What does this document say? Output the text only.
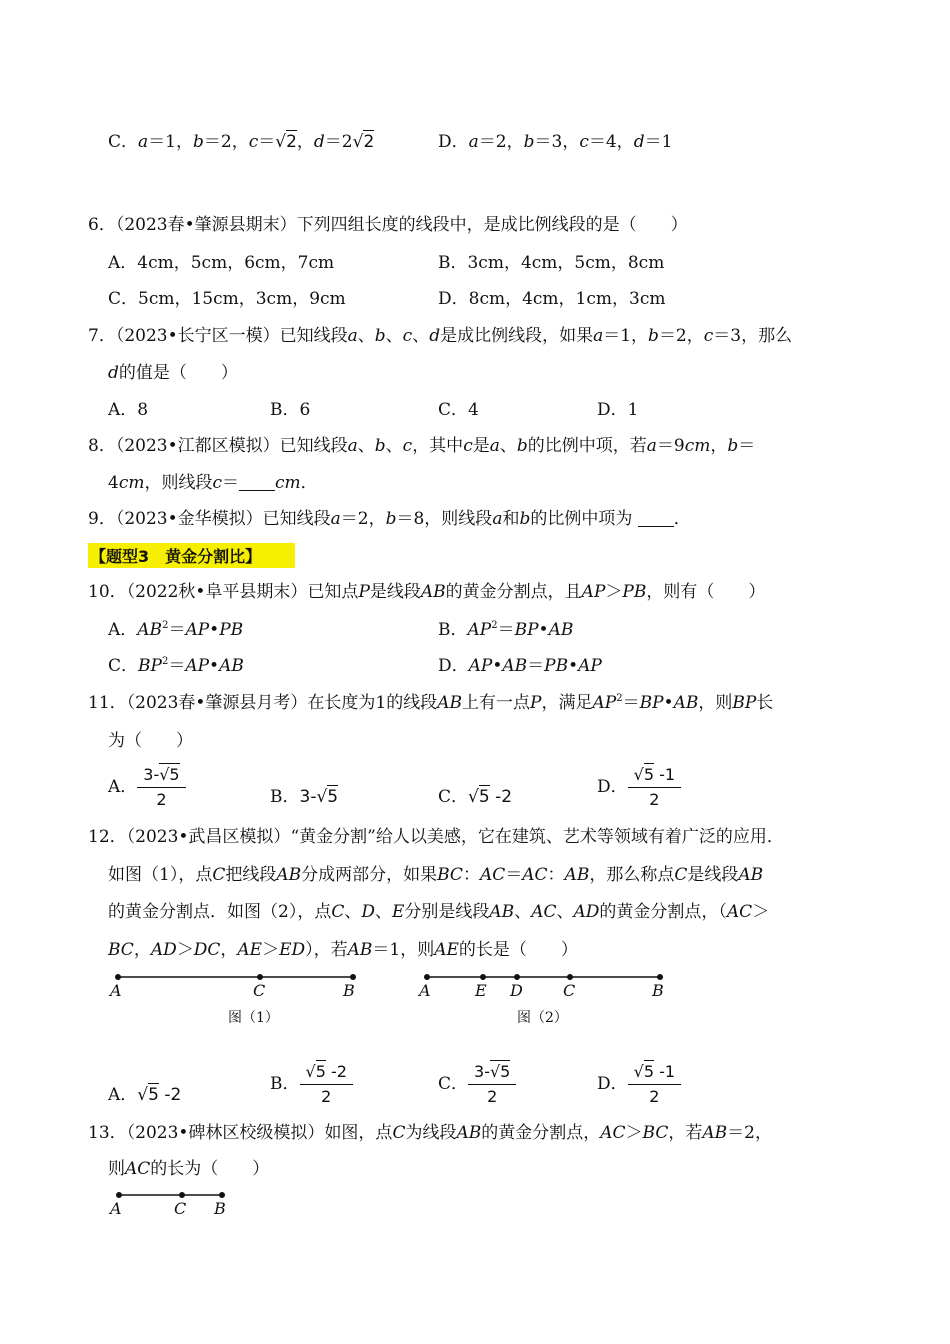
C．a＝1，b＝2，c＝√2，d＝2√2	D．a＝2，b＝3，c＝4，d＝1
6．（2023春•肇源县期末）下列四组长度的线段中，是成比例线段的是（　　）
A．4cm，5cm，6cm，7cm	B．3cm，4cm，5cm，8cm
C．5cm，15cm，3cm，9cm	D．8cm，4cm，1cm，3cm
7．（2023•长宁区一模）已知线段a、b、c、d是成比例线段，如果a＝1，b＝2，c＝3，那么
d的值是（　　）
A．8	B．6	C．4	D．1
8．（2023•江都区模拟）已知线段a、b、c，其中c是a、b的比例中项，若a＝9cm，b＝
4cm，则线段c＝ cm．
9．（2023•金华模拟）已知线段a＝2，b＝8，则线段a和b的比例中项为 ．
【题型3　黄金分割比】
10．（2022秋•阜平县期末）已知点P是线段AB的黄金分割点，且AP＞PB，则有（　　）
A．$AB^2=AP•PB$	B．$AP^2=BP•AB$
C．$BP^2=AP•AB$	D．AP•AB＝PB•AP
11．（2023春•肇源县月考）在长度为1的线段AB上有一点P，满足$AP^2=BP•AB$，则BP长
为（　　）
A． $\frac{3-√5}{2}$	B．3-√5	C．√5 -2	D． $\frac{√5 -1}{2}$
12．（2023•武昌区模拟）“黄金分割”给人以美感，它在建筑、艺术等领域有着广泛的应用．
如图（1），点C把线段AB分成两部分，如果BC：AC＝AC：AB，那么称点C是线段AB
的黄金分割点．如图（2），点C、D、E分别是线段AB、AC、AD的黄金分割点，（AC＞
BC，AD＞DC，AE＞ED），若AB＝1，则AE的长是（　　）
A	C	B
图（1）
A	E D	C	B
图（2）
A．√5 -2
B． $\frac{√5 -2}{2}$	C． $\frac{3-√5}{2}$	D． $\frac{√5 -1}{2}$
13．（2023•碑林区校级模拟）如图，点C为线段AB的黄金分割点，AC＞BC，若AB＝2，
则AC的长为（　　）
A	C B
